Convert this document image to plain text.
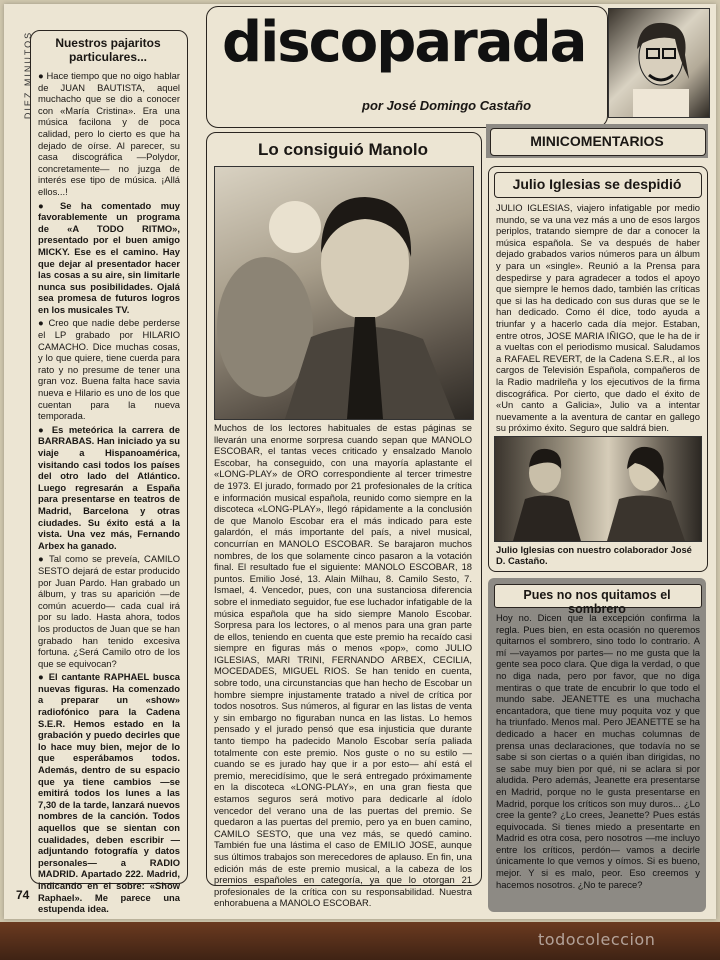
todocoleccion
DIEZ MINUTOS	Nuestros pajaritos
particulares...

● Hace tiempo que no oigo hablar de JUAN BAUTISTA, aquel muchacho que se dio a conocer con «María Cristina». Era una música facilona y de poca calidad, pero lo cierto es que ha dejado de oírse. Al parecer, su casa discográfica —Polydor, concretamente— no juzga de interés ese tipo de música. ¡Allá ellos...!

● Se ha comentado muy favorablemente un programa de «A TODO RITMO», presentado por el buen amigo MICKY. Ese es el camino. Hay que dejar al presentador hacer las cosas a su aire, sin limitarle nunca sus posibilidades. Ojalá sea promesa de futuros logros en los musicales TV.

● Creo que nadie debe perderse el LP grabado por HILARIO CAMACHO. Dice muchas cosas, y lo que quiere, tiene cuerda para rato y no presume de tener una gran voz. Buena falta hace savia nueva e Hilario es uno de los que cuentan para la nueva temporada.

● Es meteórica la carrera de BARRABAS. Han iniciado ya su viaje a Hispanoamérica, visitando casi todos los países del otro lado del Atlántico. Luego regresarán a España para presentarse en teatros de Madrid, Barcelona y otras ciudades. Su éxito está a la vista. Una vez más, Fernando Arbex ha ganado.

● Tal como se preveía, CAMILO SESTO dejará de estar producido por Juan Pardo. Han grabado un álbum, y tras su aparición —de común acuerdo— cada cual irá por su lado. Hasta ahora, todos los productos de Juan que se han grabado han tenido excesiva fortuna. ¿Será Camilo otro de los que se equivocan?

● El cantante RAPHAEL busca nuevas figuras. Ha comenzado a preparar un «show» radiofónico para la Cadena S.E.R. Hemos estado en la grabación y puedo decirles que lo hace muy bien, mejor de lo que esperábamos todos. Además, dentro de su espacio que ya tiene cambios —se emitirá todos los lunes a las 7,30 de la tarde, lanzará nuevos nombres de la canción. Todos aquellos que se sientan con cualidades, deben escribir —adjuntando fotografía y datos personales— a RADIO MADRID. Apartado 222. Madrid, indicando en el sobre: «Show Raphael». Me parece una estupenda idea.

discoparada
por José Domingo Castaño
Lo consiguió Manolo

Muchos de los lectores habituales de estas páginas se llevarán una enorme sorpresa cuando sepan que MANOLO ESCOBAR, el tantas veces criticado y ensalzado Manolo Escobar, ha conseguido, con una mayoría aplastante el «LONG-PLAY» de ORO correspondiente al tercer trimestre de 1973. El jurado, formado por 21 profesionales de la crítica e información musical española, reunido como siempre en la discoteca «LONG-PLAY», llegó rápidamente a la conclusión de que Manolo Escobar era el más indicado para este galardón, el más importante del país, a nivel musical, concurrían en MANOLO ESCOBAR. Se barajaron muchos nombres, de los que solamente cinco pasaron a la votación final. El resultado fue el siguiente: MANOLO ESCOBAR, 18 puntos. Emilio José, 13. Alain Milhau, 8. Camilo Sesto, 7. Ismael, 4. Vencedor, pues, con una sustanciosa diferencia sobre el inmediato seguidor, fue ese luchador infatigable de la música española que ha sido siempre Manolo Escobar. Sorpresa para los lectores, o al menos para una gran parte de ellos, teniendo en cuenta que este premio ha recaído casi siempre en figuras más o menos «pop», como JULIO IGLESIAS, MARI TRINI, FERNANDO ARBEX, CECILIA, MOCEDADES, MIGUEL RIOS. Se han tenido en cuenta, sobre todo, una circunstancias que han hecho de Escobar un hombre siempre injustamente tratado a nivel de crítica por todos nosotros. Sus números, al figurar en las listas de venta y sin embargo no figuraban nunca en las listas. Lo hemos pensado y el jurado pensó que esa injusticia que durante tanto tiempo ha padecido Manolo Escobar sería paliada totalmente con este premio. Nos guste o no su estilo —cuando se es jurado hay que ir a por esto— ahí está el premio, merecidísimo, que le será entregado próximamente en la discoteca «LONG-PLAY», en una gran fiesta que estamos seguros será motivo para dedicarle al ídolo vencedor del verano una de las puertas del premio. Se quedaron a las puertas del premio, pero ya en buen camino, CAMILO SESTO, que una vez más, se quedó camino. También fue una lástima el caso de EMILIO JOSE, aunque sus últimos trabajos son merecedores de aplauso. En fin, una edición más de este premio musical, a la cabeza de los premios españoles en categoría, ya que lo otorgan 21 profesionales de la crítica con su responsabilidad. Nuestra enhorabuena a MANOLO ESCOBAR.

MINICOMENTARIOS
Julio Iglesias se despidió

JULIO IGLESIAS, viajero infatigable por medio mundo, se va una vez más a uno de esos largos periplos, tratando siempre de dar a conocer la música española. Se va después de haber dejado grabados varios números para un álbum y para un «single». Reunió a la Prensa para despedirse y para agradecer a todos el apoyo que siempre le hemos dado, también las críticas que si las ha dedicado con sus duras que se le han dedicado. Como él dice, todo ayuda a triunfar y a hacerlo cada día mejor. Estaban, entre otros, JOSE MARIA IÑIGO, que le ha de ir a vueltas con el periodismo musical. Saludamos a RAFAEL REVERT, de la Cadena S.E.R., al los cargos de Televisión Española, compañeros de la Radio madrileña y los ejecutivos de la firma discográfica. Por cierto, que dado el éxito de «Un canto a Galicia», Julio va a intentar nuevamente a la aventura de cantar en gallego su próximo éxito. Seguro que saldrá bien.

Julio Iglesias con nuestro colaborador José D. Castaño.
Pues no nos quitamos el sombrero

Hoy no. Dicen que la excepción confirma la regla. Pues bien, en esta ocasión no queremos quitarnos el sombrero, sino todo lo contrario. A mí —vayamos por partes— no me gusta que la gente sea poco clara. Que diga la verdad, o que no diga nada, pero por favor, que no diga mentiras o que trate de encubrir lo que todo el mundo sabe. JEANETTE es una muchacha encantadora, que tiene muy poquita voz y que ha triunfado. Menos mal. Pero JEANETTE se ha dedicado a hacer en muchas columnas de prensa unas declaraciones, que todavía no se sabe si son ciertas o a quién iban dirigidas, no se sabe muy bien por qué, ni se aclara si por aludida. Pero además, Jeanette era presentarse en Madrid, porque no le gusta presentarse en Madrid, porque los críticos son muy duros... ¿Lo cree la gente? ¿Lo crees, Jeanette? Pues estás equivocada. Si tienes miedo a presentarte en Madrid es otra cosa, pero nosotros —me incluyo entre los críticos, perdón— vamos a decirle únicamente lo que vemos y oímos. Si es bueno, mejor. Y si es malo, peor. Eso creemos y hacemos nosotros. ¿No te parece?

74
